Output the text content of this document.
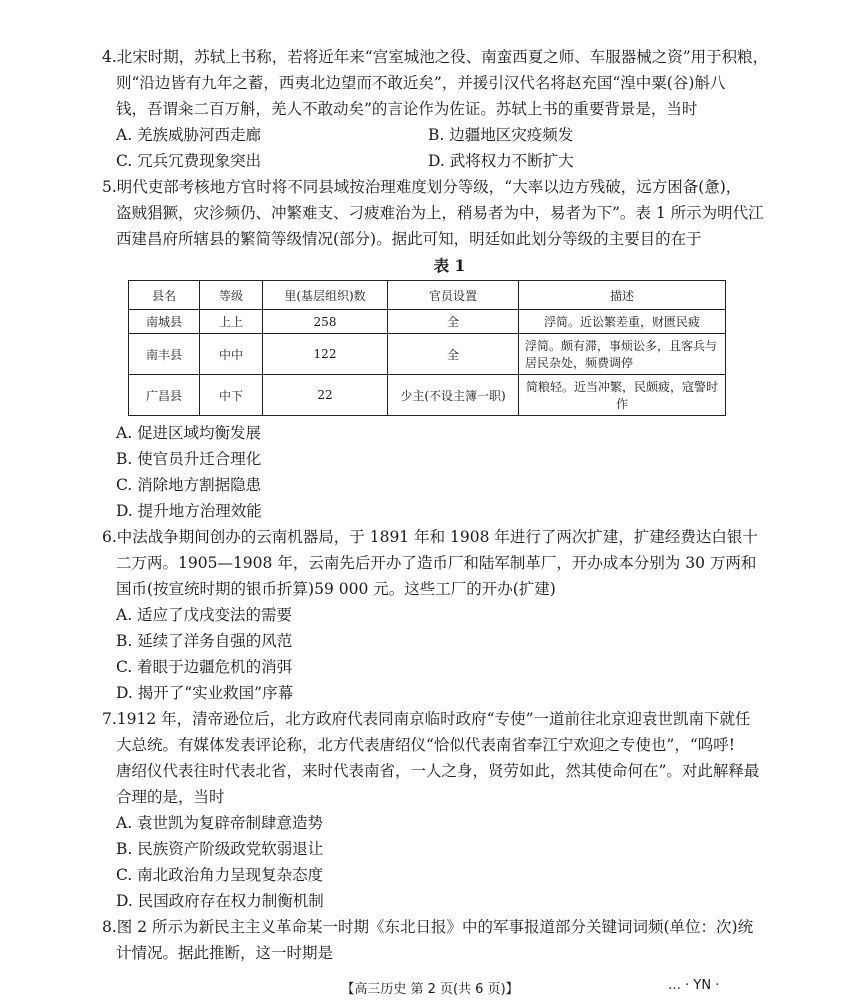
4.北宋时期，苏轼上书称，若将近年来“宫室城池之役、南蛮西夏之师、车服器械之资”用于积粮，

则“沿边皆有九年之蓄，西夷北边望而不敢近矣”，并援引汉代名将赵充国“湟中粟(谷)斛八

钱，吾谓籴二百万斛，羌人不敢动矣”的言论作为佐证。苏轼上书的重要背景是，当时

A. 羌族威胁河西走廊	B. 边疆地区灾疫频发
C. 冗兵冗费现象突出	D. 武将权力不断扩大

5.明代吏部考核地方官时将不同县域按治理难度划分等级，“大率以边方残破，远方困备(惫)，

盗贼猖獗，灾沴频仍、冲繁难支、刁疲难治为上，稍易者为中，易者为下”。表 1 所示为明代江

西建昌府所辖县的繁简等级情况(部分)。据此可知，明廷如此划分等级的主要目的在于

表 1
县名	等级	里(基层组织)数	官员设置	描述
南城县	上上	258	全	浮简。近讼繁差重，财匮民疲
南丰县	中中	122	全	浮简。颇有滞，事烦讼多，且客兵与居民杂处，频费调停
广昌县	中下	22	少主(不设主簿一职)	简粮轻。近当冲繁，民颇疲，寇警时作
A. 促进区域均衡发展
B. 使官员升迁合理化
C. 消除地方割据隐患
D. 提升地方治理效能

6.中法战争期间创办的云南机器局，于 1891 年和 1908 年进行了两次扩建，扩建经费达白银十

二万两。1905—1908 年，云南先后开办了造币厂和陆军制革厂，开办成本分别为 30 万两和

国币(按宣统时期的银币折算)59 000 元。这些工厂的开办(扩建)

A. 适应了戊戌变法的需要
B. 延续了洋务自强的风范
C. 着眼于边疆危机的消弭
D. 揭开了“实业救国”序幕

7.1912 年，清帝逊位后，北方政府代表同南京临时政府“专使”一道前往北京迎袁世凯南下就任

大总统。有媒体发表评论称，北方代表唐绍仪“恰似代表南省奉江宁欢迎之专使也”，“呜呼!

唐绍仪代表往时代表北省，来时代表南省，一人之身，贤劳如此，然其使命何在”。对此解释最

合理的是，当时

A. 袁世凯为复辟帝制肆意造势
B. 民族资产阶级政党软弱退让
C. 南北政治角力呈现复杂态度
D. 民国政府存在权力制衡机制

8.图 2 所示为新民主主义革命某一时期《东北日报》中的军事报道部分关键词词频(单位：次)统

计情况。据此推断，这一时期是

【高三历史 第 2 页(共 6 页)】	… · YN ·
